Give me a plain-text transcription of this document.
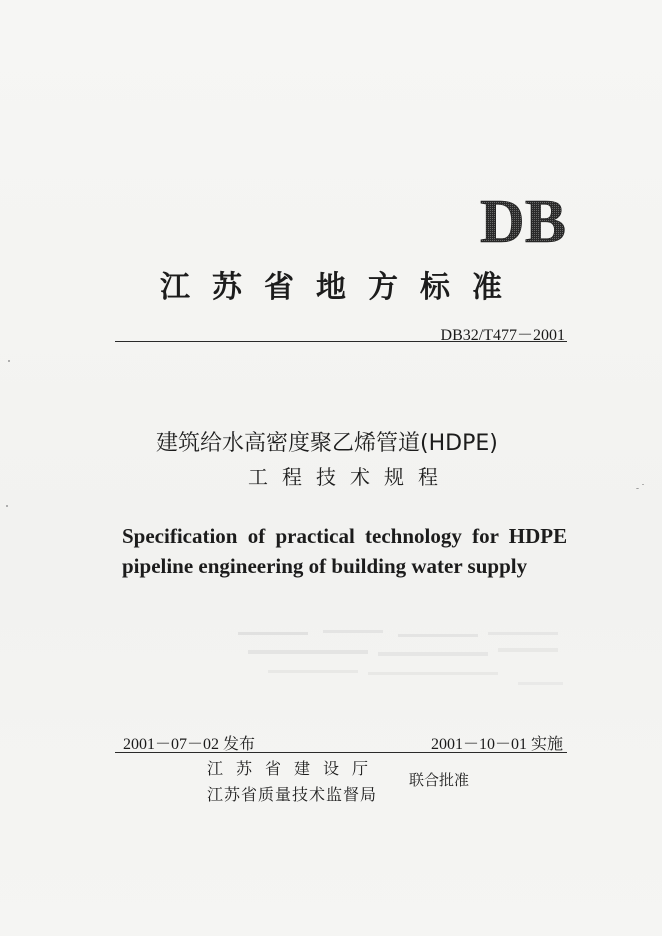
DB
江苏省地方标准
DB32/T477－2001
建筑给水高密度聚乙烯管道(HDPE)
工程技术规程
Specification of practical technology for HDPE
pipeline engineering of building water supply
2001－07－02 发布	2001－10－01 实施
江苏省建设厅
江苏省质量技术监督局
联合批准
